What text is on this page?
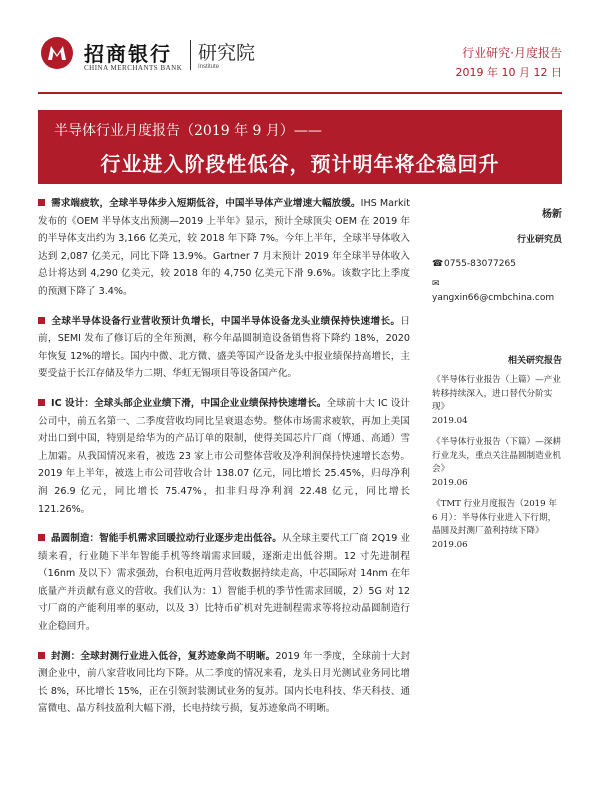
招商银行
CHINA MERCHANTS BANK
研究院
Institute
行业研究·月度报告
2019 年 10 月 12 日
半导体行业月度报告（2019 年 9 月）——
行业进入阶段性低谷，预计明年将企稳回升

需求端疲软，全球半导体步入短期低谷，中国半导体产业增速大幅放缓。IHS Markit 发布的《OEM 半导体支出预测—2019 上半年》显示，预计全球顶尖 OEM 在 2019 年的半导体支出约为 3,166 亿美元，较 2018 年下降 7%。今年上半年，全球半导体收入达到 2,087 亿美元，同比下降 13.9%。Gartner 7 月末预计 2019 年全球半导体收入总计将达到 4,290 亿美元，较 2018 年的 4,750 亿美元下滑 9.6%。该数字比上季度的预测下降了 3.4%。

全球半导体设备行业营收预计负增长，中国半导体设备龙头业绩保持快速增长。日前，SEMI 发布了修订后的全年预测，称今年晶圆制造设备销售将下降约 18%，2020 年恢复 12%的增长。国内中微、北方微、盛美等国产设备龙头中报业绩保持高增长，主要受益于长江存储及华力二期、华虹无锡项目等设备国产化。

IC 设计：全球头部企业业绩下滑，中国企业业绩保持快速增长。全球前十大 IC 设计公司中，前五名第一、二季度营收均同比呈衰退态势。整体市场需求疲软，再加上美国对出口到中国，特别是给华为的产品订单的限制，使得美国芯片厂商（博通、高通）雪上加霜。从我国情况来看，被选 23 家上市公司整体营收及净利润保持快速增长态势。2019 年上半年，被选上市公司营收合计 138.07 亿元，同比增长 25.45%，归母净利润 26.9 亿元，同比增长 75.47%，扣非归母净利润 22.48 亿元，同比增长 121.26%。

晶圆制造：智能手机需求回暖拉动行业逐步走出低谷。从全球主要代工厂商 2Q19 业绩来看，行业随下半年智能手机等终端需求回暖，逐渐走出低谷期。12 寸先进制程（16nm 及以下）需求强劲，台积电近两月营收数据持续走高，中芯国际对 14nm 在年底量产并贡献有意义的营收。我们认为：1）智能手机的季节性需求回暖，2）5G 对 12 寸厂商的产能利用率的驱动，以及 3）比特币矿机对先进制程需求等将拉动晶圆制造行业企稳回升。

封测：全球封测行业进入低谷，复苏迹象尚不明晰。2019 年一季度，全球前十大封测企业中，前八家营收同比均下降。从二季度的情况来看，龙头日月光测试业务同比增长 8%，环比增长 15%，正在引领封装测试业务的复苏。国内长电科技、华天科技、通富微电、晶方科技盈利大幅下滑，长电持续亏损，复苏迹象尚不明晰。

杨新
行业研究员
☎0755-83077265
✉yangxin66@cmbchina.com
相关研究报告
《半导体行业报告（上篇）—产业转移持续深入，进口替代分阶实现》
2019.04
《半导体行业报告（下篇）—深耕行业龙头，重点关注晶圆制造业机会》
2019.06
《TMT 行业月度报告（2019 年 6 月）：半导体行业进入下行期，晶圆及封测厂盈利持续下降》
2019.06
